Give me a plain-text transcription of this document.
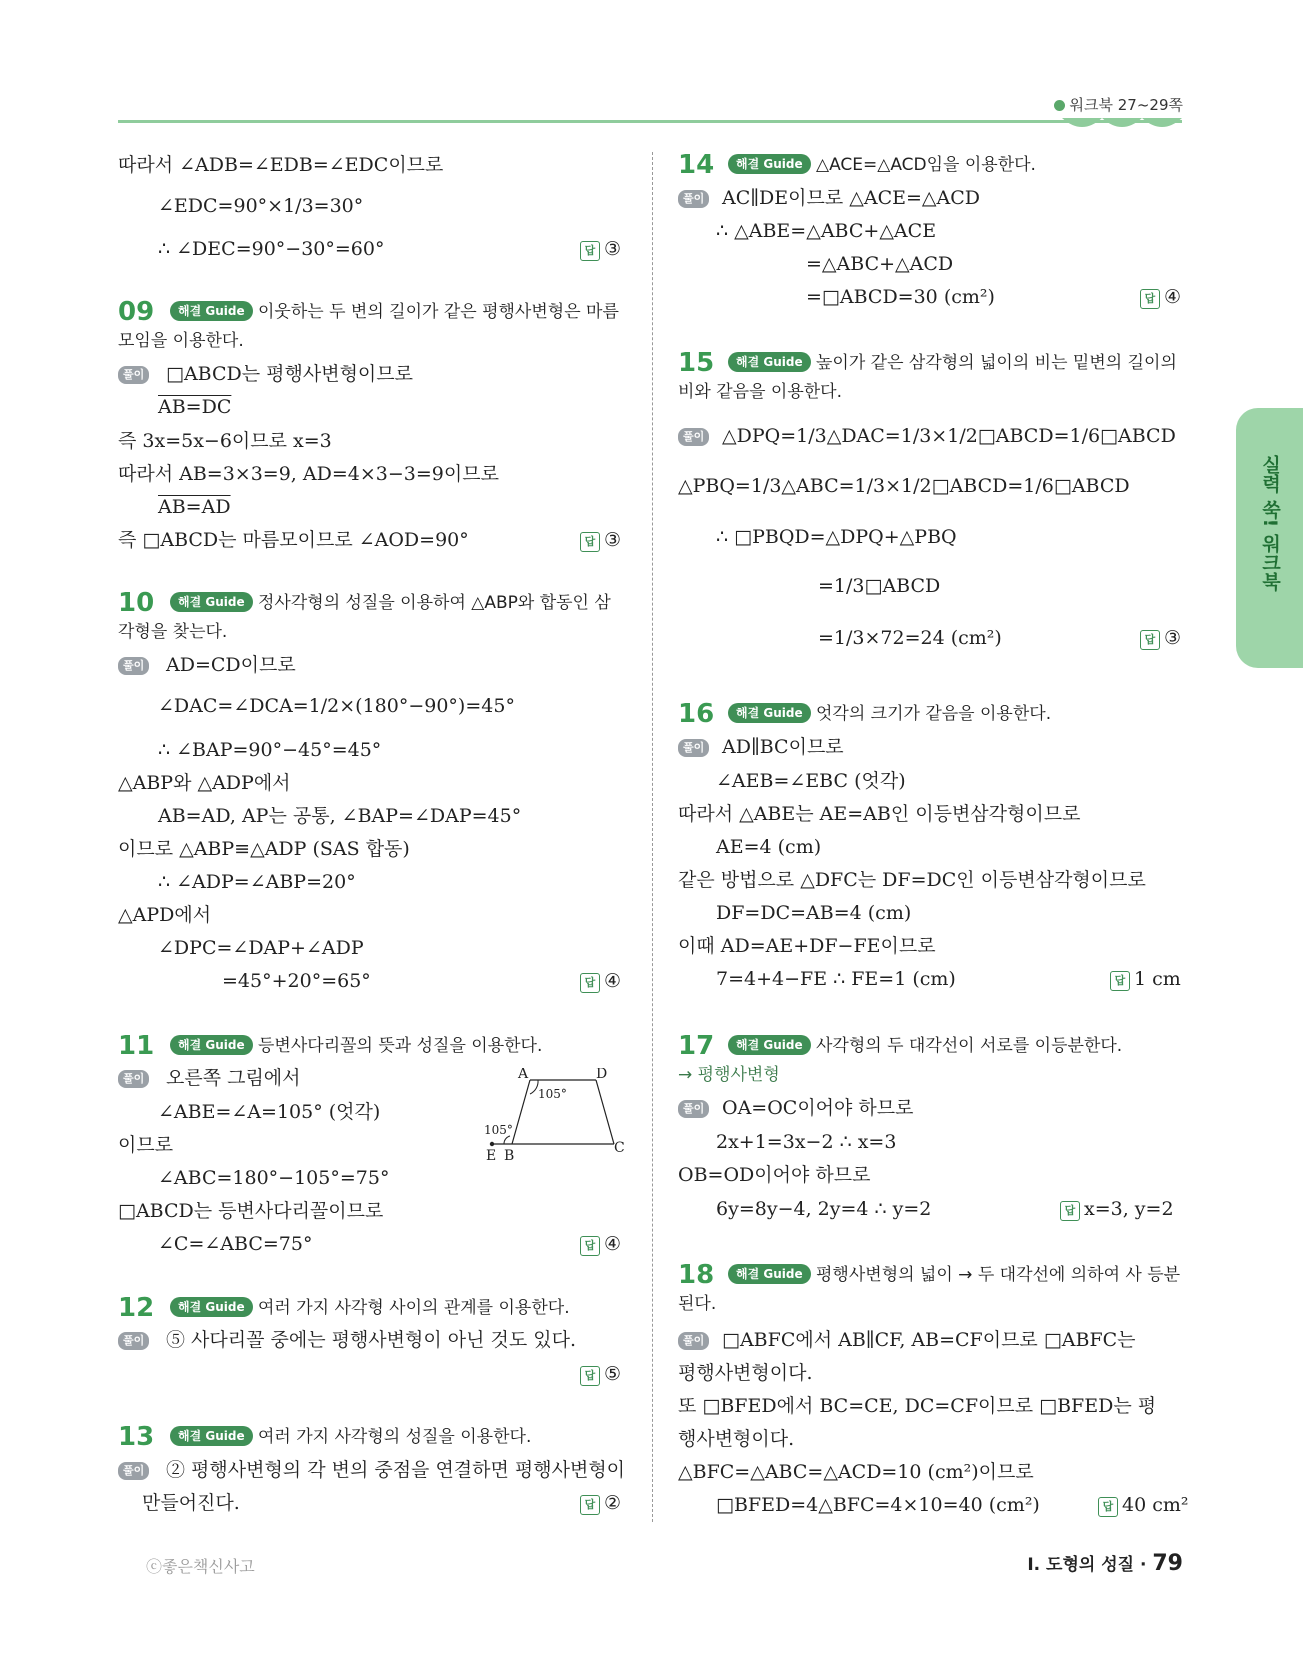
워크북 27~29쪽
실력 쑥! 워크북
따라서 ∠ADB=∠EDB=∠EDC이므로
∠EDC=90°×1/3=30°
∴ ∠DEC=90°−30°=60°	답 ③
09	해결 Guide 이웃하는 두 변의 길이가 같은 평행사변형은 마름
모임을 이용한다.
풀이 □ABCD는 평행사변형이므로
AB=DC
즉 3x=5x−6이므로 x=3
따라서 AB=3×3=9, AD=4×3−3=9이므로
AB=AD
즉 □ABCD는 마름모이므로 ∠AOD=90°	답 ③
10	해결 Guide 정사각형의 성질을 이용하여 △ABP와 합동인 삼
각형을 찾는다.
풀이 AD=CD이므로
∠DAC=∠DCA=1/2×(180°−90°)=45°
∴ ∠BAP=90°−45°=45°
△ABP와 △ADP에서
AB=AD, AP는 공통, ∠BAP=∠DAP=45°
이므로 △ABP≡△ADP (SAS 합동)
∴ ∠ADP=∠ABP=20°
△APD에서
∠DPC=∠DAP+∠ADP
=45°+20°=65°	답 ④
11	해결 Guide 등변사다리꼴의 뜻과 성질을 이용한다.
풀이 오른쪽 그림에서
∠ABE=∠A=105° (엇각)
이므로
∠ABC=180°−105°=75°
□ABCD는 등변사다리꼴이므로
∠C=∠ABC=75°	답 ④
A	D
105°
105°
E B	C
12	해결 Guide 여러 가지 사각형 사이의 관계를 이용한다.
풀이 ⑤ 사다리꼴 중에는 평행사변형이 아닌 것도 있다.
답 ⑤
13	해결 Guide 여러 가지 사각형의 성질을 이용한다.
풀이 ② 평행사변형의 각 변의 중점을 연결하면 평행사변형이
만들어진다.	답 ②
14	해결 Guide △ACE=△ACD임을 이용한다.
풀이 AC∥DE이므로 △ACE=△ACD
∴ △ABE=△ABC+△ACE
=△ABC+△ACD
=□ABCD=30 (cm²)	답 ④
15	해결 Guide 높이가 같은 삼각형의 넓이의 비는 밑변의 길이의
비와 같음을 이용한다.
풀이 △DPQ=1/3△DAC=1/3×1/2□ABCD=1/6□ABCD
△PBQ=1/3△ABC=1/3×1/2□ABCD=1/6□ABCD
∴ □PBQD=△DPQ+△PBQ
=1/3□ABCD
=1/3×72=24 (cm²)	답 ③
16	해결 Guide 엇각의 크기가 같음을 이용한다.
풀이 AD∥BC이므로
∠AEB=∠EBC (엇각)
따라서 △ABE는 AE=AB인 이등변삼각형이므로
AE=4 (cm)
같은 방법으로 △DFC는 DF=DC인 이등변삼각형이므로
DF=DC=AB=4 (cm)
이때 AD=AE+DF−FE이므로
7=4+4−FE ∴ FE=1 (cm)	답 1 cm
17	해결 Guide 사각형의 두 대각선이 서로를 이등분한다.
→ 평행사변형
풀이 OA=OC이어야 하므로
2x+1=3x−2 ∴ x=3
OB=OD이어야 하므로
6y=8y−4, 2y=4 ∴ y=2	답 x=3, y=2
18	해결 Guide 평행사변형의 넓이 → 두 대각선에 의하여 사 등분
된다.
풀이 □ABFC에서 AB∥CF, AB=CF이므로 □ABFC는
평행사변형이다.
또 □BFED에서 BC=CE, DC=CF이므로 □BFED는 평
행사변형이다.
△BFC=△ABC=△ACD=10 (cm²)이므로
□BFED=4△BFC=4×10=40 (cm²)	답 40 cm²
ⓒ좋은책신사고	Ⅰ. 도형의 성질 · 79
